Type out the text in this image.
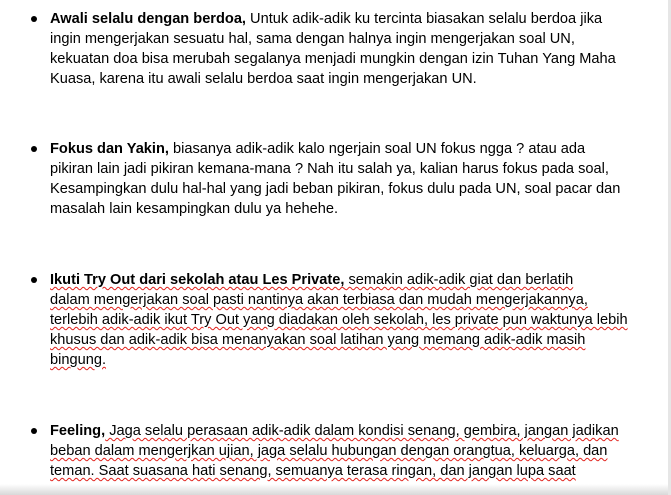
Awali selalu dengan berdoa, Untuk adik-adik ku tercinta biasakan selalu berdoa jika
ingin mengerjakan sesuatu hal, sama dengan halnya ingin mengerjakan soal UN,
kekuatan doa bisa merubah segalanya menjadi mungkin dengan izin Tuhan Yang Maha
Kuasa, karena itu awali selalu berdoa saat ingin mengerjakan UN.
Fokus dan Yakin, biasanya adik-adik kalo ngerjain soal UN fokus ngga ? atau ada
pikiran lain jadi pikiran kemana-mana ? Nah itu salah ya, kalian harus fokus pada soal,
Kesampingkan dulu hal-hal yang jadi beban pikiran, fokus dulu pada UN, soal pacar dan
masalah lain kesampingkan dulu ya hehehe.
Ikuti Try Out dari sekolah atau Les Private, semakin adik-adik giat dan berlatih
dalam mengerjakan soal pasti nantinya akan terbiasa dan mudah mengerjakannya,
terlebih adik-adik ikut Try Out yang diadakan oleh sekolah, les private pun waktunya lebih
khusus dan adik-adik bisa menanyakan soal latihan yang memang adik-adik masih
bingung.
Feeling, Jaga selalu perasaan adik-adik dalam kondisi senang, gembira, jangan jadikan
beban dalam mengerjkan ujian, jaga selalu hubungan dengan orangtua, keluarga, dan
teman. Saat suasana hati senang, semuanya terasa ringan, dan jangan lupa saat
